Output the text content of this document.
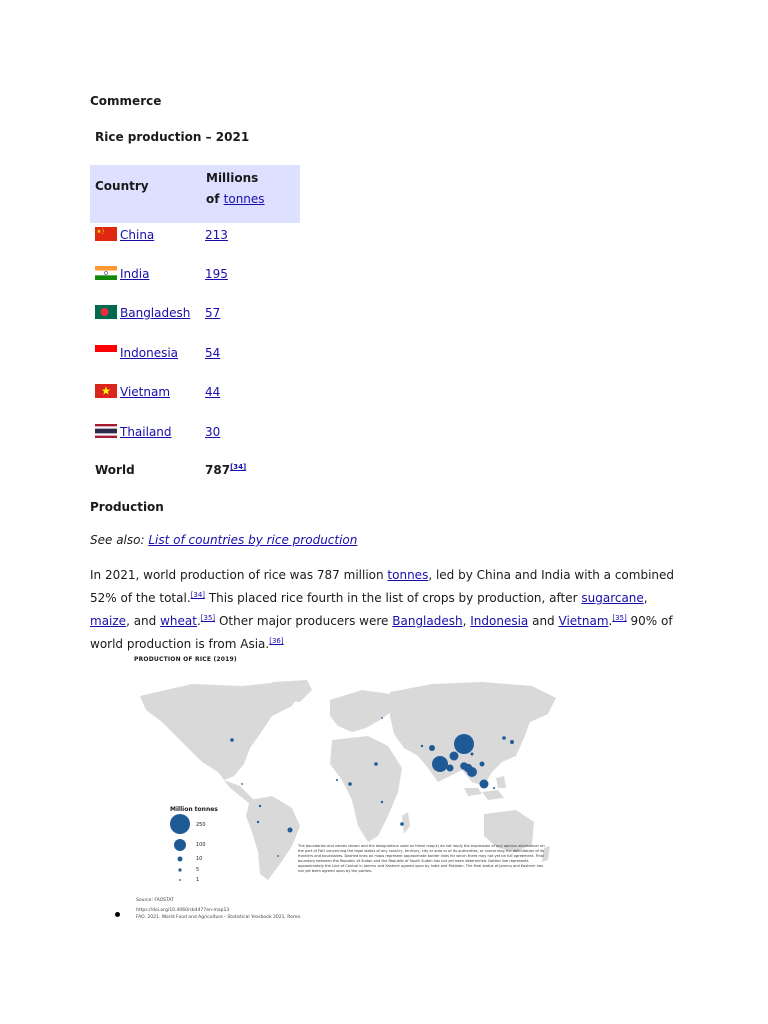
Commerce
Rice production – 2021
Country
Millions
of tonnes
China	213
India	195
Bangladesh 57
Indonesia 54
Vietnam	44
Thailand	30
World	787[34]
Production
See also: List of countries by rice production
In 2021, world production of rice was 787 million tonnes, led by China and India with a combined 52% of the total.[34] This placed rice fourth in the list of crops by production, after sugarcane, maize, and wheat.[35] Other major producers were Bangladesh, Indonesia and Vietnam.[35] 90% of world production is from Asia.[36]
PRODUCTION OF RICE (2019)
Million tonnes
250
100
10
5
1
The boundaries and names shown and the designations used on these map(s) do not imply the expression of any opinion whatsoever on the part of FAO concerning the legal status of any country, territory, city or area or of its authorities, or concerning the delimitation of its frontiers and boundaries. Dashed lines on maps represent approximate border lines for which there may not yet be full agreement. Final boundary between the Republic of Sudan and the Republic of South Sudan has not yet been determined. Dotted line represents approximately the Line of Control in Jammu and Kashmir agreed upon by India and Pakistan. The final status of Jammu and Kashmir has not yet been agreed upon by the parties.
Source: FAOSTAT
https://doi.org/10.4060/cb4477en-map13
FAO. 2021. World Food and Agriculture - Statistical Yearbook 2021. Rome.
